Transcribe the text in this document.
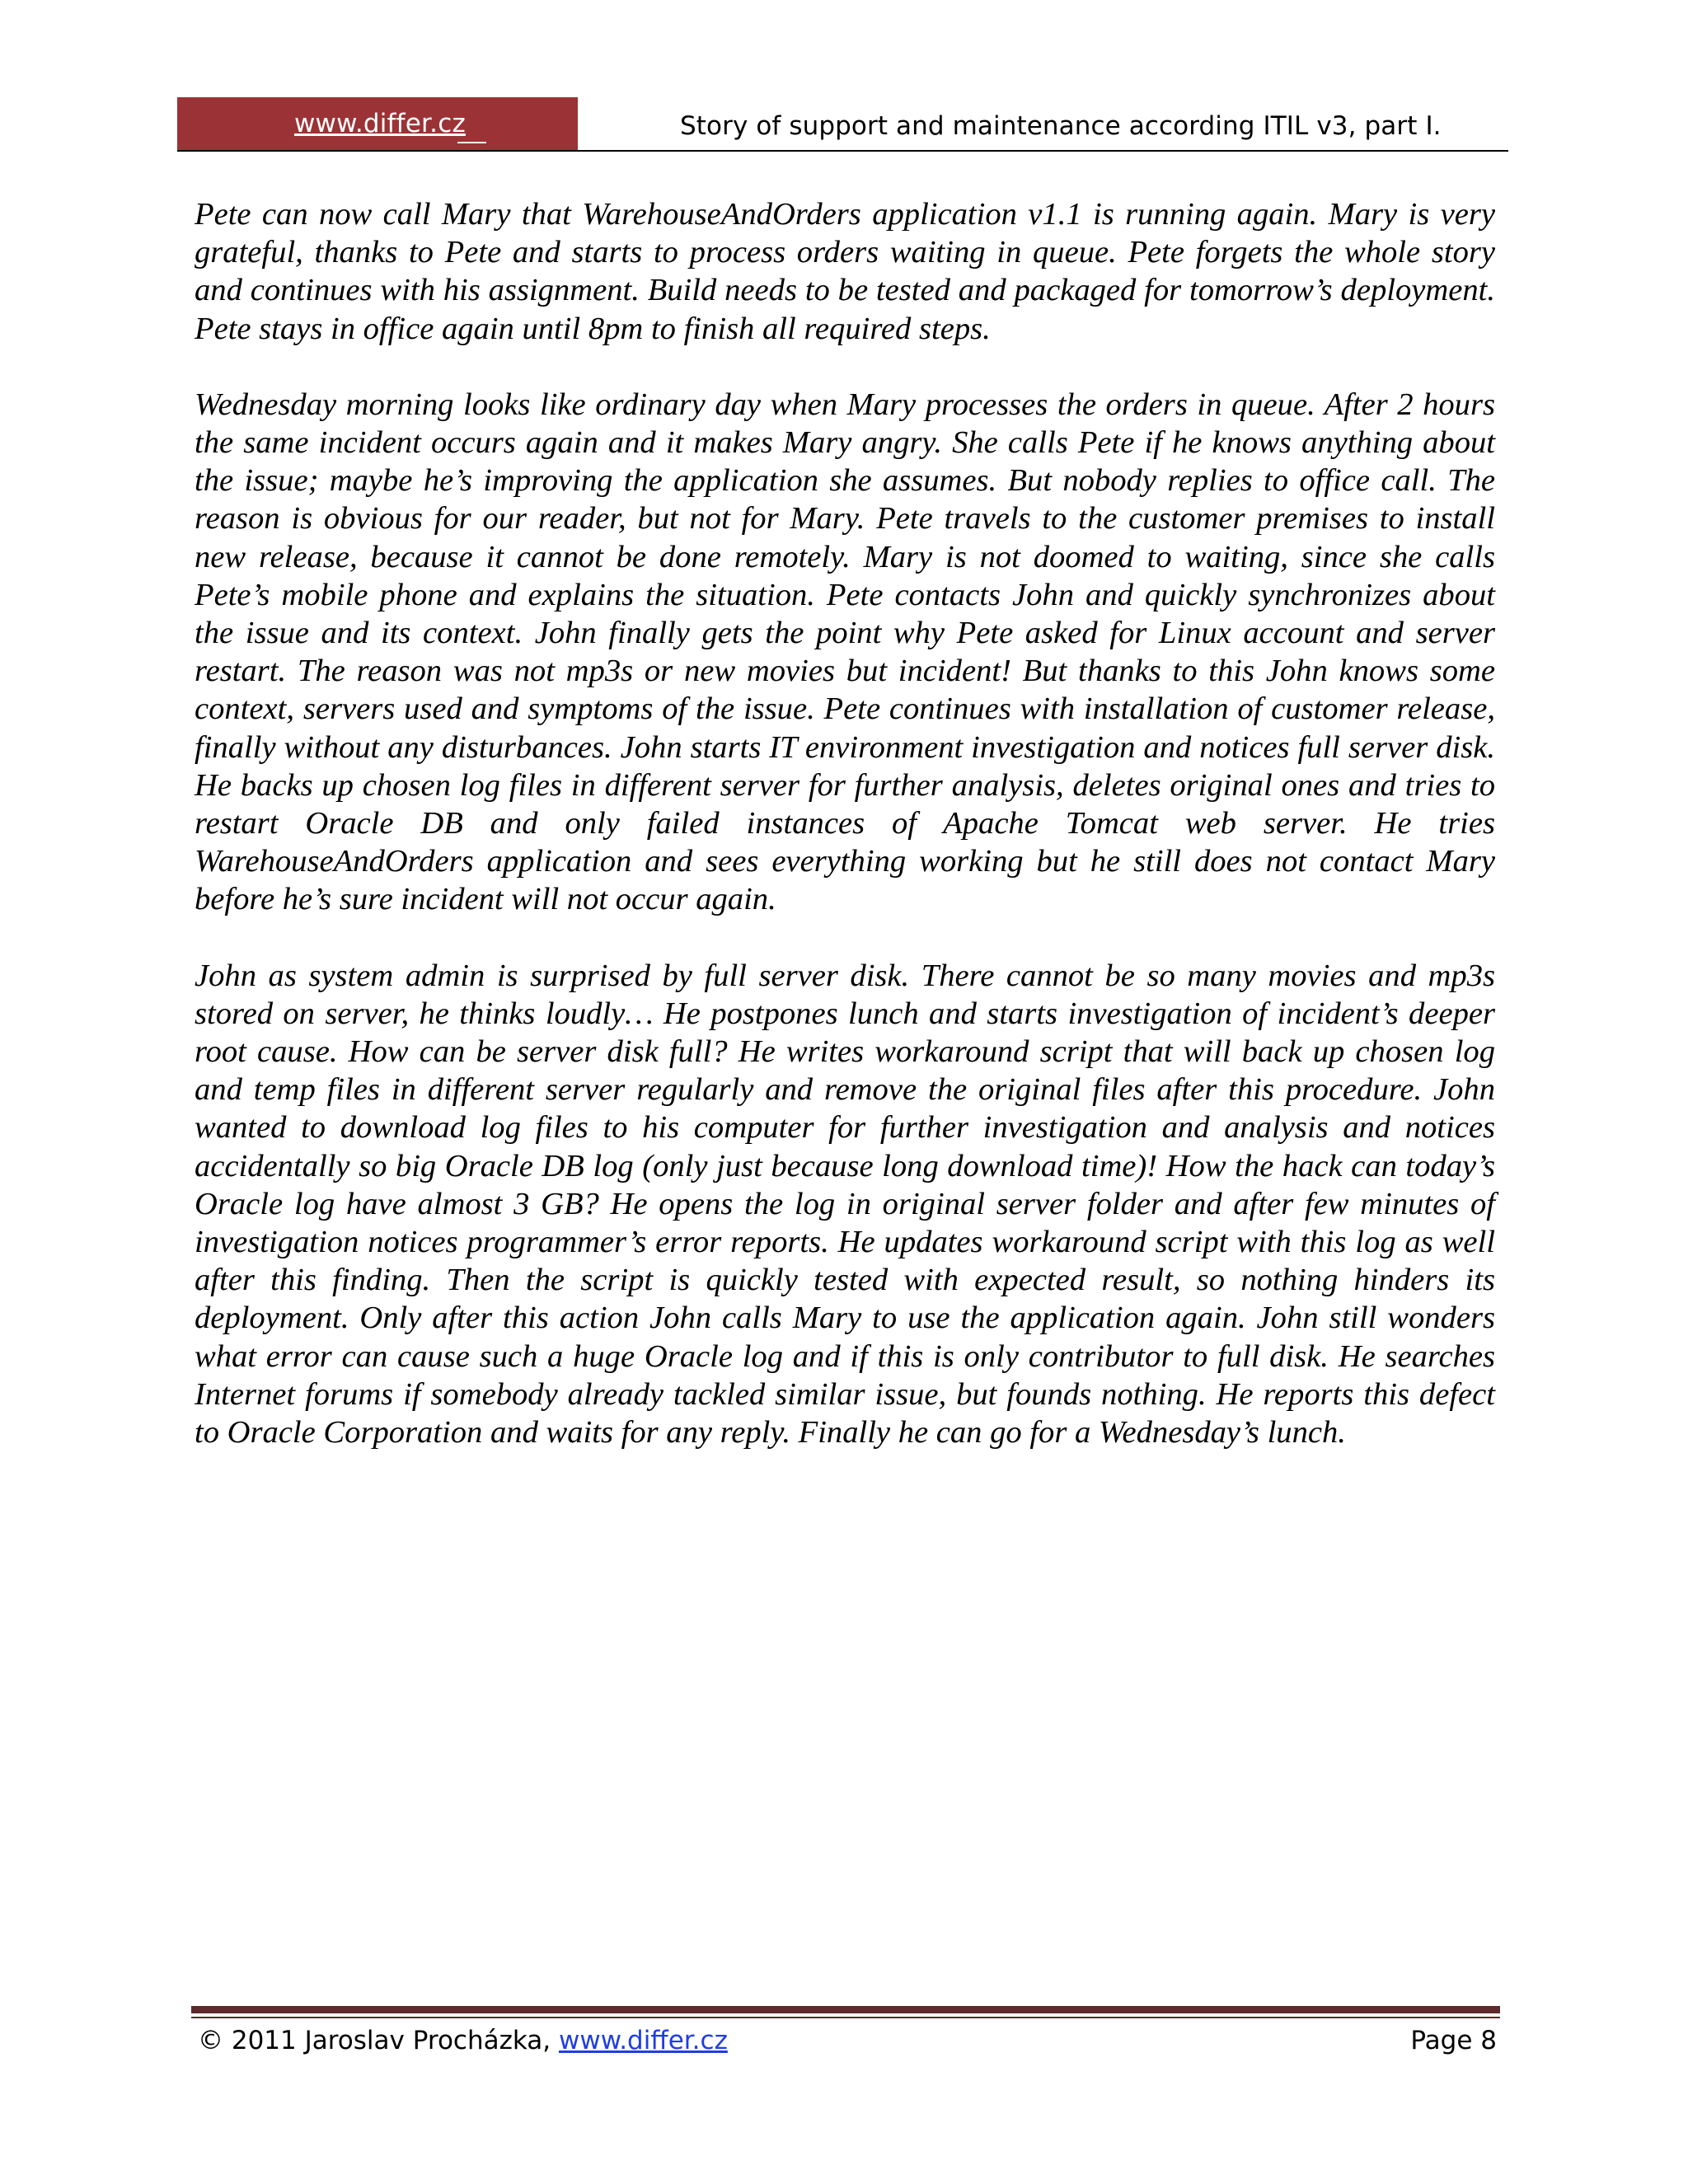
www.differ.cz	Story of support and maintenance according ITIL v3, part I.

Pete can now call Mary that WarehouseAndOrders application v1.1 is running again. Mary is very grateful, thanks to Pete and starts to process orders waiting in queue. Pete forgets the whole story and continues with his assignment. Build needs to be tested and packaged for tomorrow’s deployment. Pete stays in office again until 8pm to finish all required steps.

Wednesday morning looks like ordinary day when Mary processes the orders in queue. After 2 hours the same incident occurs again and it makes Mary angry. She calls Pete if he knows anything about the issue; maybe he’s improving the application she assumes. But nobody replies to office call. The reason is obvious for our reader, but not for Mary. Pete travels to the customer premises to install new release, because it cannot be done remotely. Mary is not doomed to waiting, since she calls Pete’s mobile phone and explains the situation. Pete contacts John and quickly synchronizes about the issue and its context. John finally gets the point why Pete asked for Linux account and server restart. The reason was not mp3s or new movies but incident! But thanks to this John knows some context, servers used and symptoms of the issue. Pete continues with installation of customer release, finally without any disturbances. John starts IT environment investigation and notices full server disk. He backs up chosen log files in different server for further analysis, deletes original ones and tries to restart Oracle DB and only failed instances of Apache Tomcat web server. He tries WarehouseAndOrders application and sees everything working but he still does not contact Mary before he’s sure incident will not occur again.

John as system admin is surprised by full server disk. There cannot be so many movies and mp3s stored on server, he thinks loudly… He postpones lunch and starts investigation of incident’s deeper root cause. How can be server disk full? He writes workaround script that will back up chosen log and temp files in different server regularly and remove the original files after this procedure. John wanted to download log files to his computer for further investigation and analysis and notices accidentally so big Oracle DB log (only just because long download time)! How the hack can today’s Oracle log have almost 3 GB? He opens the log in original server folder and after few minutes of investigation notices programmer’s error reports. He updates workaround script with this log as well after this finding. Then the script is quickly tested with expected result, so nothing hinders its deployment. Only after this action John calls Mary to use the application again. John still wonders what error can cause such a huge Oracle log and if this is only contributor to full disk. He searches Internet forums if somebody already tackled similar issue, but founds nothing. He reports this defect to Oracle Corporation and waits for any reply. Finally he can go for a Wednesday’s lunch.

© 2011 Jaroslav Procházka, www.differ.cz	Page 8
